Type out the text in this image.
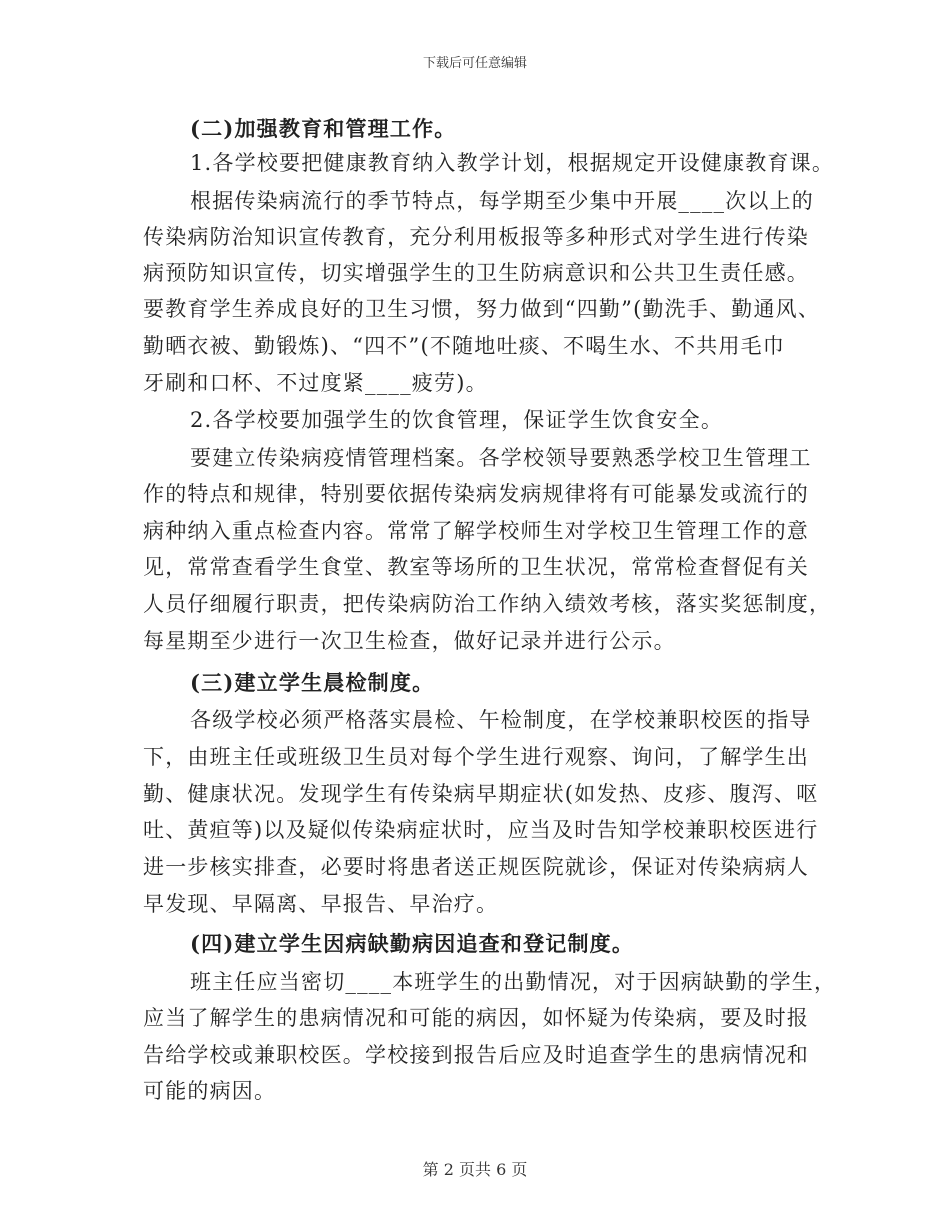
下载后可任意编辑
(二)加强教育和管理工作。
1.各学校要把健康教育纳入教学计划，根据规定开设健康教育课。
根据传染病流行的季节特点，每学期至少集中开展____次以上的
传染病防治知识宣传教育，充分利用板报等多种形式对学生进行传染
病预防知识宣传，切实增强学生的卫生防病意识和公共卫生责任感。
要教育学生养成良好的卫生习惯，努力做到“四勤”(勤洗手、勤通风、
勤晒衣被、勤锻炼)、“四不”(不随地吐痰、不喝生水、不共用毛巾
牙刷和口杯、不过度紧____疲劳)。
2.各学校要加强学生的饮食管理，保证学生饮食安全。
要建立传染病疫情管理档案。各学校领导要熟悉学校卫生管理工
作的特点和规律，特别要依据传染病发病规律将有可能暴发或流行的
病种纳入重点检查内容。常常了解学校师生对学校卫生管理工作的意
见，常常查看学生食堂、教室等场所的卫生状况，常常检查督促有关
人员仔细履行职责，把传染病防治工作纳入绩效考核，落实奖惩制度，
每星期至少进行一次卫生检查，做好记录并进行公示。
(三)建立学生晨检制度。
各级学校必须严格落实晨检、午检制度，在学校兼职校医的指导
下，由班主任或班级卫生员对每个学生进行观察、询问，了解学生出
勤、健康状况。发现学生有传染病早期症状(如发热、皮疹、腹泻、呕
吐、黄疸等)以及疑似传染病症状时，应当及时告知学校兼职校医进行
进一步核实排查，必要时将患者送正规医院就诊，保证对传染病病人
早发现、早隔离、早报告、早治疗。
(四)建立学生因病缺勤病因追查和登记制度。
班主任应当密切____本班学生的出勤情况，对于因病缺勤的学生，
应当了解学生的患病情况和可能的病因，如怀疑为传染病，要及时报
告给学校或兼职校医。学校接到报告后应及时追查学生的患病情况和
可能的病因。
第 2 页共 6 页
